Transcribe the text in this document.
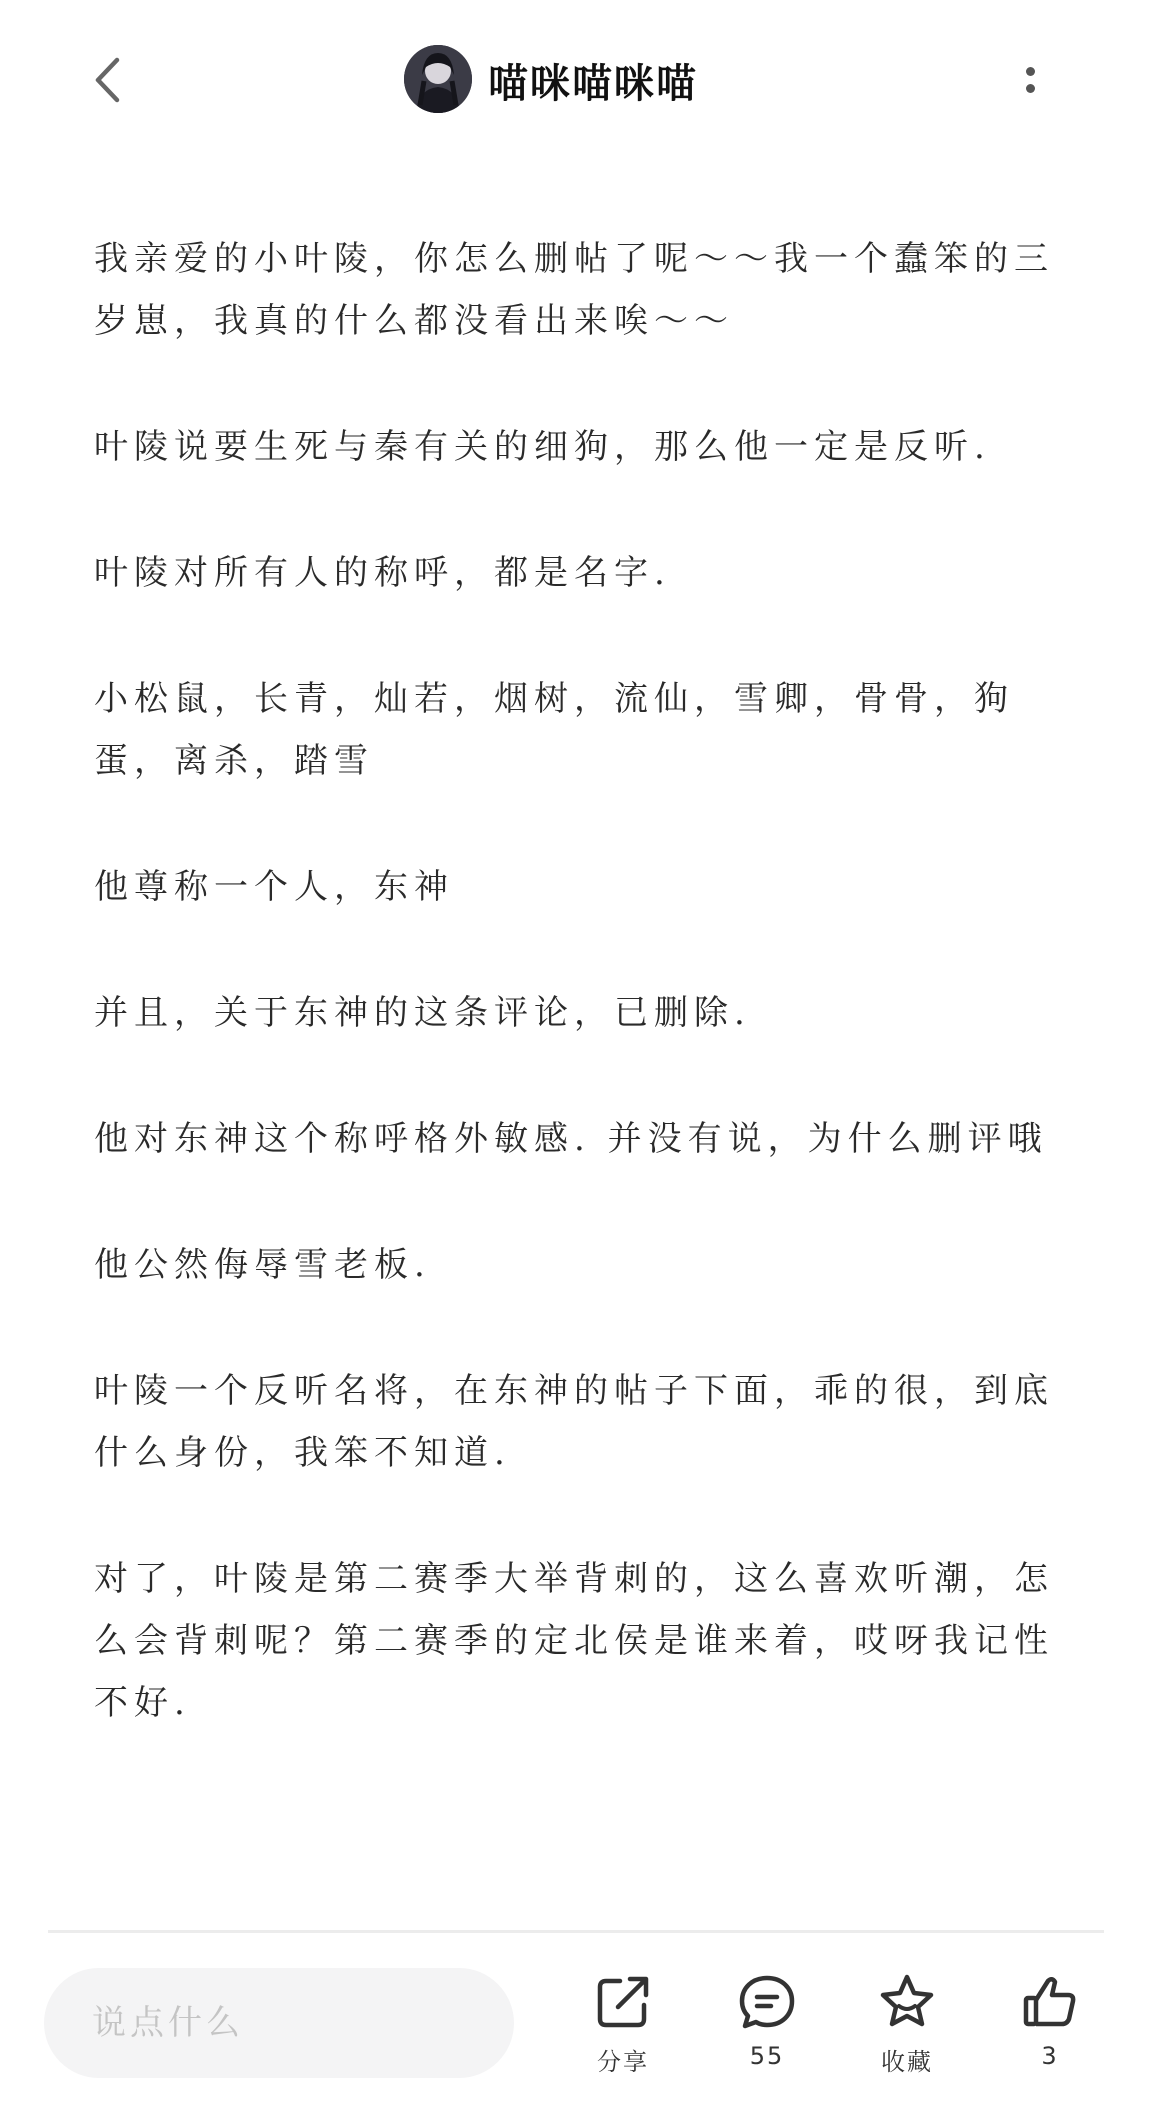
喵咪喵咪喵

我亲爱的小叶陵，你怎么删帖了呢～～我一个蠢笨的三岁崽，我真的什么都没看出来唉～～

叶陵说要生死与秦有关的细狗，那么他一定是反听.

叶陵对所有人的称呼，都是名字.

小松鼠，长青，灿若，烟树，流仙，雪卿，骨骨，狗蛋，离杀，踏雪

他尊称一个人，东神

并且，关于东神的这条评论，已删除.

他对东神这个称呼格外敏感. 并没有说，为什么删评哦

他公然侮辱雪老板.

叶陵一个反听名将，在东神的帖子下面，乖的很，到底什么身份，我笨不知道.

对了，叶陵是第二赛季大举背刺的，这么喜欢听潮，怎么会背刺呢？第二赛季的定北侯是谁来着，哎呀我记性不好.

说点什么
分享	55	收藏	3
